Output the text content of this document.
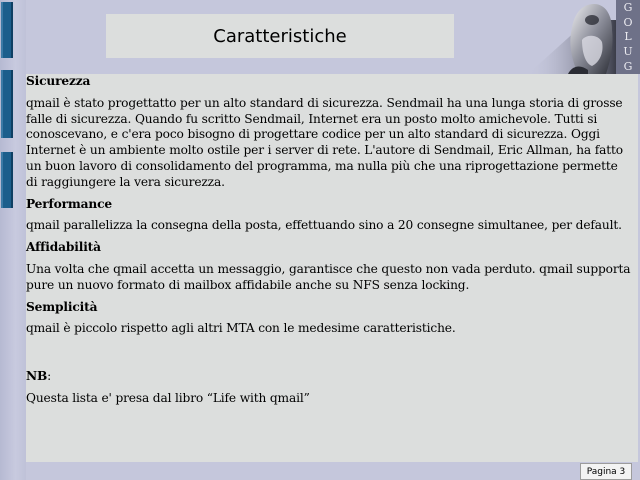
Caratteristiche
G
O
L
U
G
Sicurezza
qmail è stato progettatto per un alto standard di sicurezza. Sendmail ha una lunga storia di grosse falle di sicurezza. Quando fu scritto Sendmail, Internet era un posto molto amichevole. Tutti si conoscevano, e c'era poco bisogno di progettare codice per un alto standard di sicurezza. Oggi Internet è un ambiente molto ostile per i server di rete. L'autore di Sendmail, Eric Allman, ha fatto un buon lavoro di consolidamento del programma, ma nulla più che una riprogettazione permette di raggiungere la vera sicurezza.
Performance
qmail parallelizza la consegna della posta, effettuando sino a 20 consegne simultanee, per default.
Affidabilità
Una volta che qmail accetta un messaggio, garantisce che questo non vada perduto. qmail supporta pure un nuovo formato di mailbox affidabile anche su NFS senza locking.
Semplicità
qmail è piccolo rispetto agli altri MTA con le medesime caratteristiche.
NB:
Questa lista e' presa dal libro “Life with qmail”
Pagina 3
